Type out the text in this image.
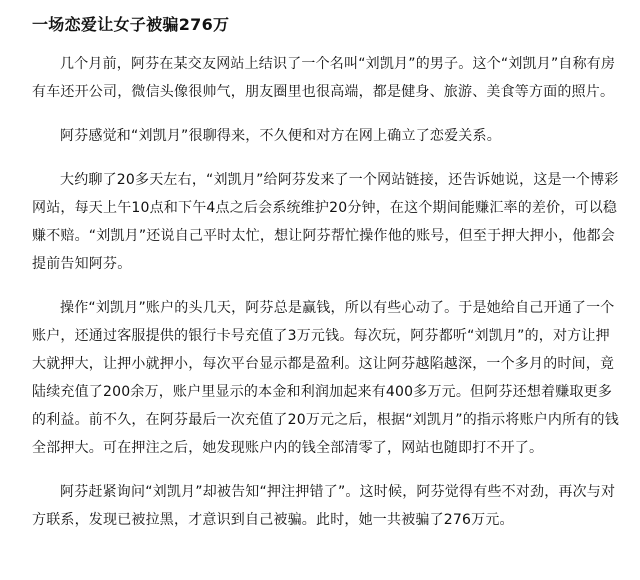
一场恋爱让女子被骗276万

几个月前，阿芬在某交友网站上结识了一个名叫“刘凯月”的男子。这个“刘凯月”自称有房有车还开公司，微信头像很帅气，朋友圈里也很高端，都是健身、旅游、美食等方面的照片。

阿芬感觉和“刘凯月”很聊得来，不久便和对方在网上确立了恋爱关系。

大约聊了20多天左右，“刘凯月”给阿芬发来了一个网站链接，还告诉她说，这是一个博彩网站，每天上午10点和下午4点之后会系统维护20分钟，在这个期间能赚汇率的差价，可以稳赚不赔。“刘凯月”还说自己平时太忙，想让阿芬帮忙操作他的账号，但至于押大押小，他都会提前告知阿芬。

操作“刘凯月”账户的头几天，阿芬总是赢钱，所以有些心动了。于是她给自己开通了一个账户，还通过客服提供的银行卡号充值了3万元钱。每次玩，阿芬都听“刘凯月”的，对方让押大就押大，让押小就押小，每次平台显示都是盈利。这让阿芬越陷越深，一个多月的时间，竟陆续充值了200余万，账户里显示的本金和利润加起来有400多万元。但阿芬还想着赚取更多的利益。前不久，在阿芬最后一次充值了20万元之后，根据“刘凯月”的指示将账户内所有的钱全部押大。可在押注之后，她发现账户内的钱全部清零了，网站也随即打不开了。

阿芬赶紧询问“刘凯月”却被告知“押注押错了”。这时候，阿芬觉得有些不对劲，再次与对方联系，发现已被拉黑，才意识到自己被骗。此时，她一共被骗了276万元。
